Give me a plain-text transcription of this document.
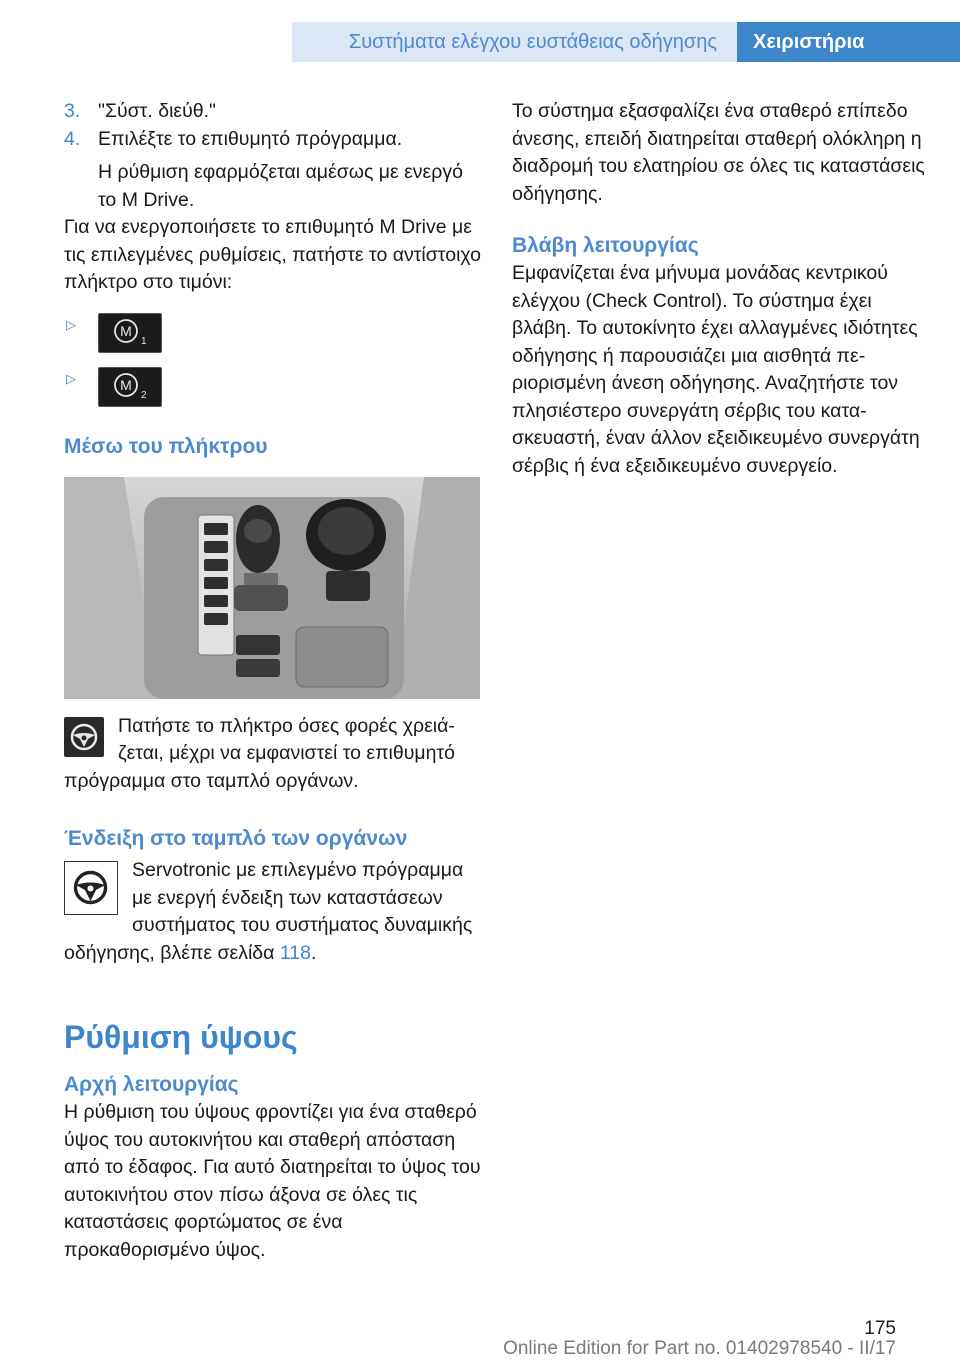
Συστήματα ελέγχου ευστάθειας οδήγησης	Χειριστήρια
3. "Σύστ. διεύθ."
4. Επιλέξτε το επιθυμητό πρόγραμμα.

Η ρύθμιση εφαρμόζεται αμέσως με ενεργό το M Drive.

Για να ενεργοποιήσετε το επιθυμητό M Drive με τις επιλεγμένες ρυθμίσεις, πατήστε το αντίστοιχο πλήκτρο στο τιμόνι:

▷	M
1
▷	M
2
Μέσω του πλήκτρου
Πατήστε το πλήκτρο όσες φορές χρειάζεται, μέχρι να εμφανιστεί το επιθυμητό πρόγραμμα στο ταμπλό οργάνων.
Ένδειξη στο ταμπλό των οργάνων
Servotronic με επιλεγμένο πρόγραμμα με ενεργή ένδειξη των καταστάσεων συστήματος του συστήματος δυναμικής οδήγησης, βλέπε σελίδα 118.
Ρύθμιση ύψους
Αρχή λειτουργίας

Η ρύθμιση του ύψους φροντίζει για ένα σταθερό ύψος του αυτοκινήτου και σταθερή απόσταση από το έδαφος. Για αυτό διατηρείται το ύψος του αυτοκινήτου στον πίσω άξονα σε όλες τις καταστάσεις φορτώματος σε ένα προκαθορισμένο ύψος.

Το σύστημα εξασφαλίζει ένα σταθερό επίπεδο άνεσης, επειδή διατηρείται σταθερή ολόκληρη η διαδρομή του ελατηρίου σε όλες τις καταστάσεις οδήγησης.

Βλάβη λειτουργίας

Εμφανίζεται ένα μήνυμα μονάδας κεντρικού ελέγχου (Check Control). Το σύστημα έχει βλάβη. Το αυτοκίνητο έχει αλλαγμένες ιδιότητες οδήγησης ή παρουσιάζει μια αισθητά περιορισμένη άνεση οδήγησης. Αναζητήστε τον πλησιέστερο συνεργάτη σέρβις του κατασκευαστή, έναν άλλον εξειδικευμένο συνεργάτη σέρβις ή ένα εξειδικευμένο συνεργείο.

175
Online Edition for Part no. 01402978540 - II/17
